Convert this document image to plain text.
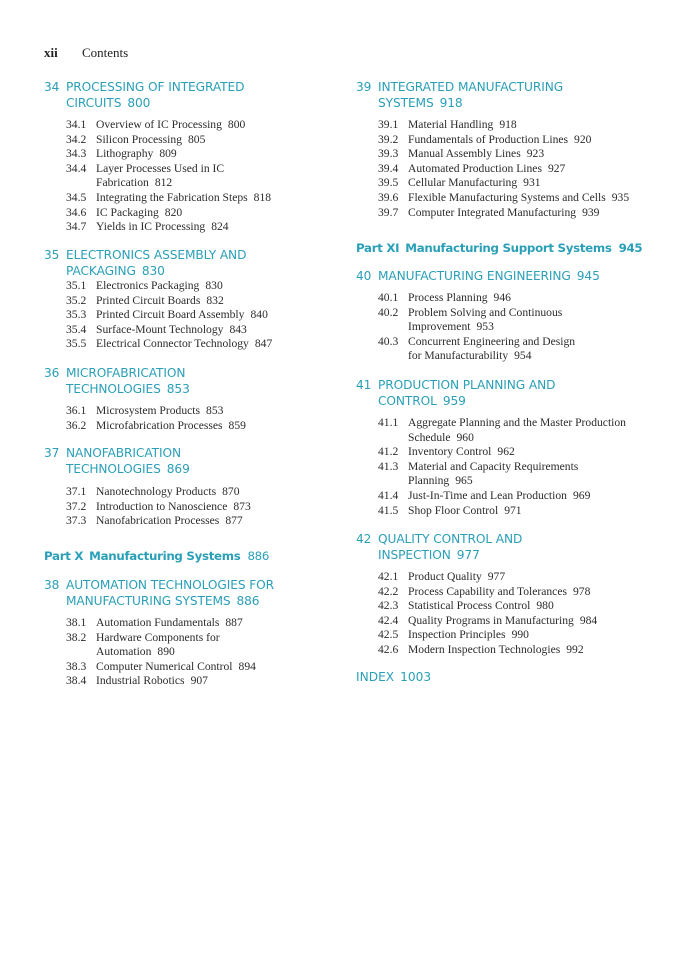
xii Contents
34 PROCESSING OF INTEGRATED
CIRCUITS 800
34.1 Overview of IC Processing 800
34.2 Silicon Processing 805
34.3 Lithography 809
34.4 Layer Processes Used in IC
Fabrication 812
34.5 Integrating the Fabrication Steps 818
34.6 IC Packaging 820
34.7 Yields in IC Processing 824
35 ELECTRONICS ASSEMBLY AND
PACKAGING 830
35.1 Electronics Packaging 830
35.2 Printed Circuit Boards 832
35.3 Printed Circuit Board Assembly 840
35.4 Surface-Mount Technology 843
35.5 Electrical Connector Technology 847
36 MICROFABRICATION
TECHNOLOGIES 853
36.1 Microsystem Products 853
36.2 Microfabrication Processes 859
37 NANOFABRICATION
TECHNOLOGIES 869
37.1 Nanotechnology Products 870
37.2 Introduction to Nanoscience 873
37.3 Nanofabrication Processes 877
Part X Manufacturing Systems 886
38 AUTOMATION TECHNOLOGIES FOR
MANUFACTURING SYSTEMS 886
38.1 Automation Fundamentals 887
38.2 Hardware Components for
Automation 890
38.3 Computer Numerical Control 894
38.4 Industrial Robotics 907
39 INTEGRATED MANUFACTURING
SYSTEMS 918
39.1 Material Handling 918
39.2 Fundamentals of Production Lines 920
39.3 Manual Assembly Lines 923
39.4 Automated Production Lines 927
39.5 Cellular Manufacturing 931
39.6 Flexible Manufacturing Systems and Cells 935
39.7 Computer Integrated Manufacturing 939
Part XI Manufacturing Support Systems 945
40 MANUFACTURING ENGINEERING 945
40.1 Process Planning 946
40.2 Problem Solving and Continuous
Improvement 953
40.3 Concurrent Engineering and Design
for Manufacturability 954
41 PRODUCTION PLANNING AND
CONTROL 959
41.1 Aggregate Planning and the Master Production
Schedule 960
41.2 Inventory Control 962
41.3 Material and Capacity Requirements
Planning 965
41.4 Just-In-Time and Lean Production 969
41.5 Shop Floor Control 971
42 QUALITY CONTROL AND
INSPECTION 977
42.1 Product Quality 977
42.2 Process Capability and Tolerances 978
42.3 Statistical Process Control 980
42.4 Quality Programs in Manufacturing 984
42.5 Inspection Principles 990
42.6 Modern Inspection Technologies 992
INDEX 1003
